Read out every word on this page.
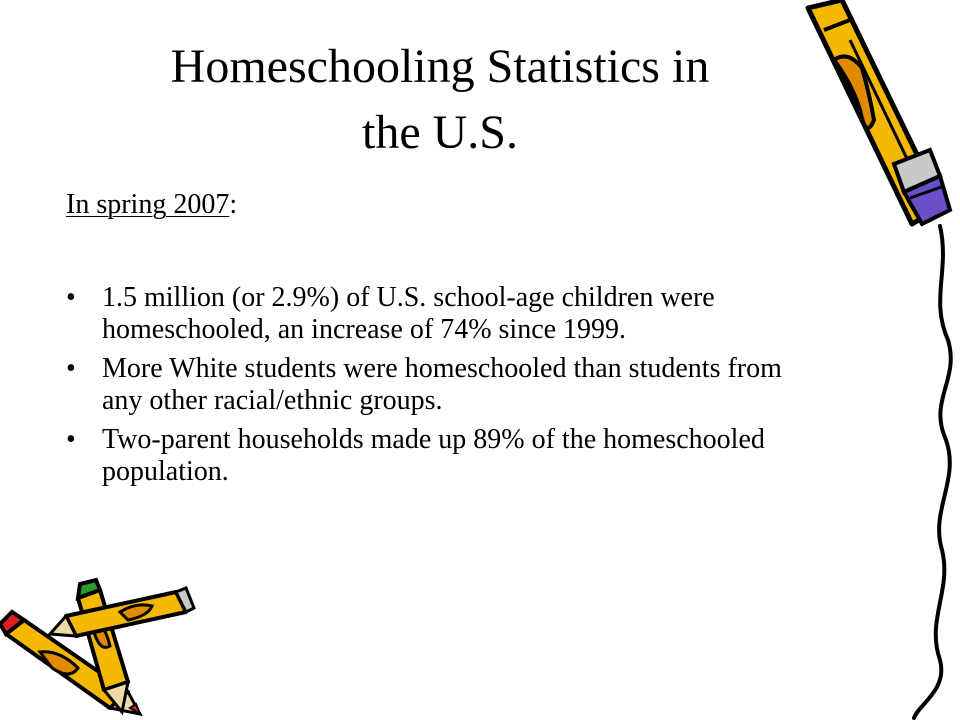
Homeschooling Statistics in
the U.S.

In spring 2007:

• 1.5 million (or 2.9%) of U.S. school-age children were homeschooled, an increase of 74% since 1999.
• More White students were homeschooled than students from any other racial/ethnic groups.
• Two-parent households made up 89% of the homeschooled population.
